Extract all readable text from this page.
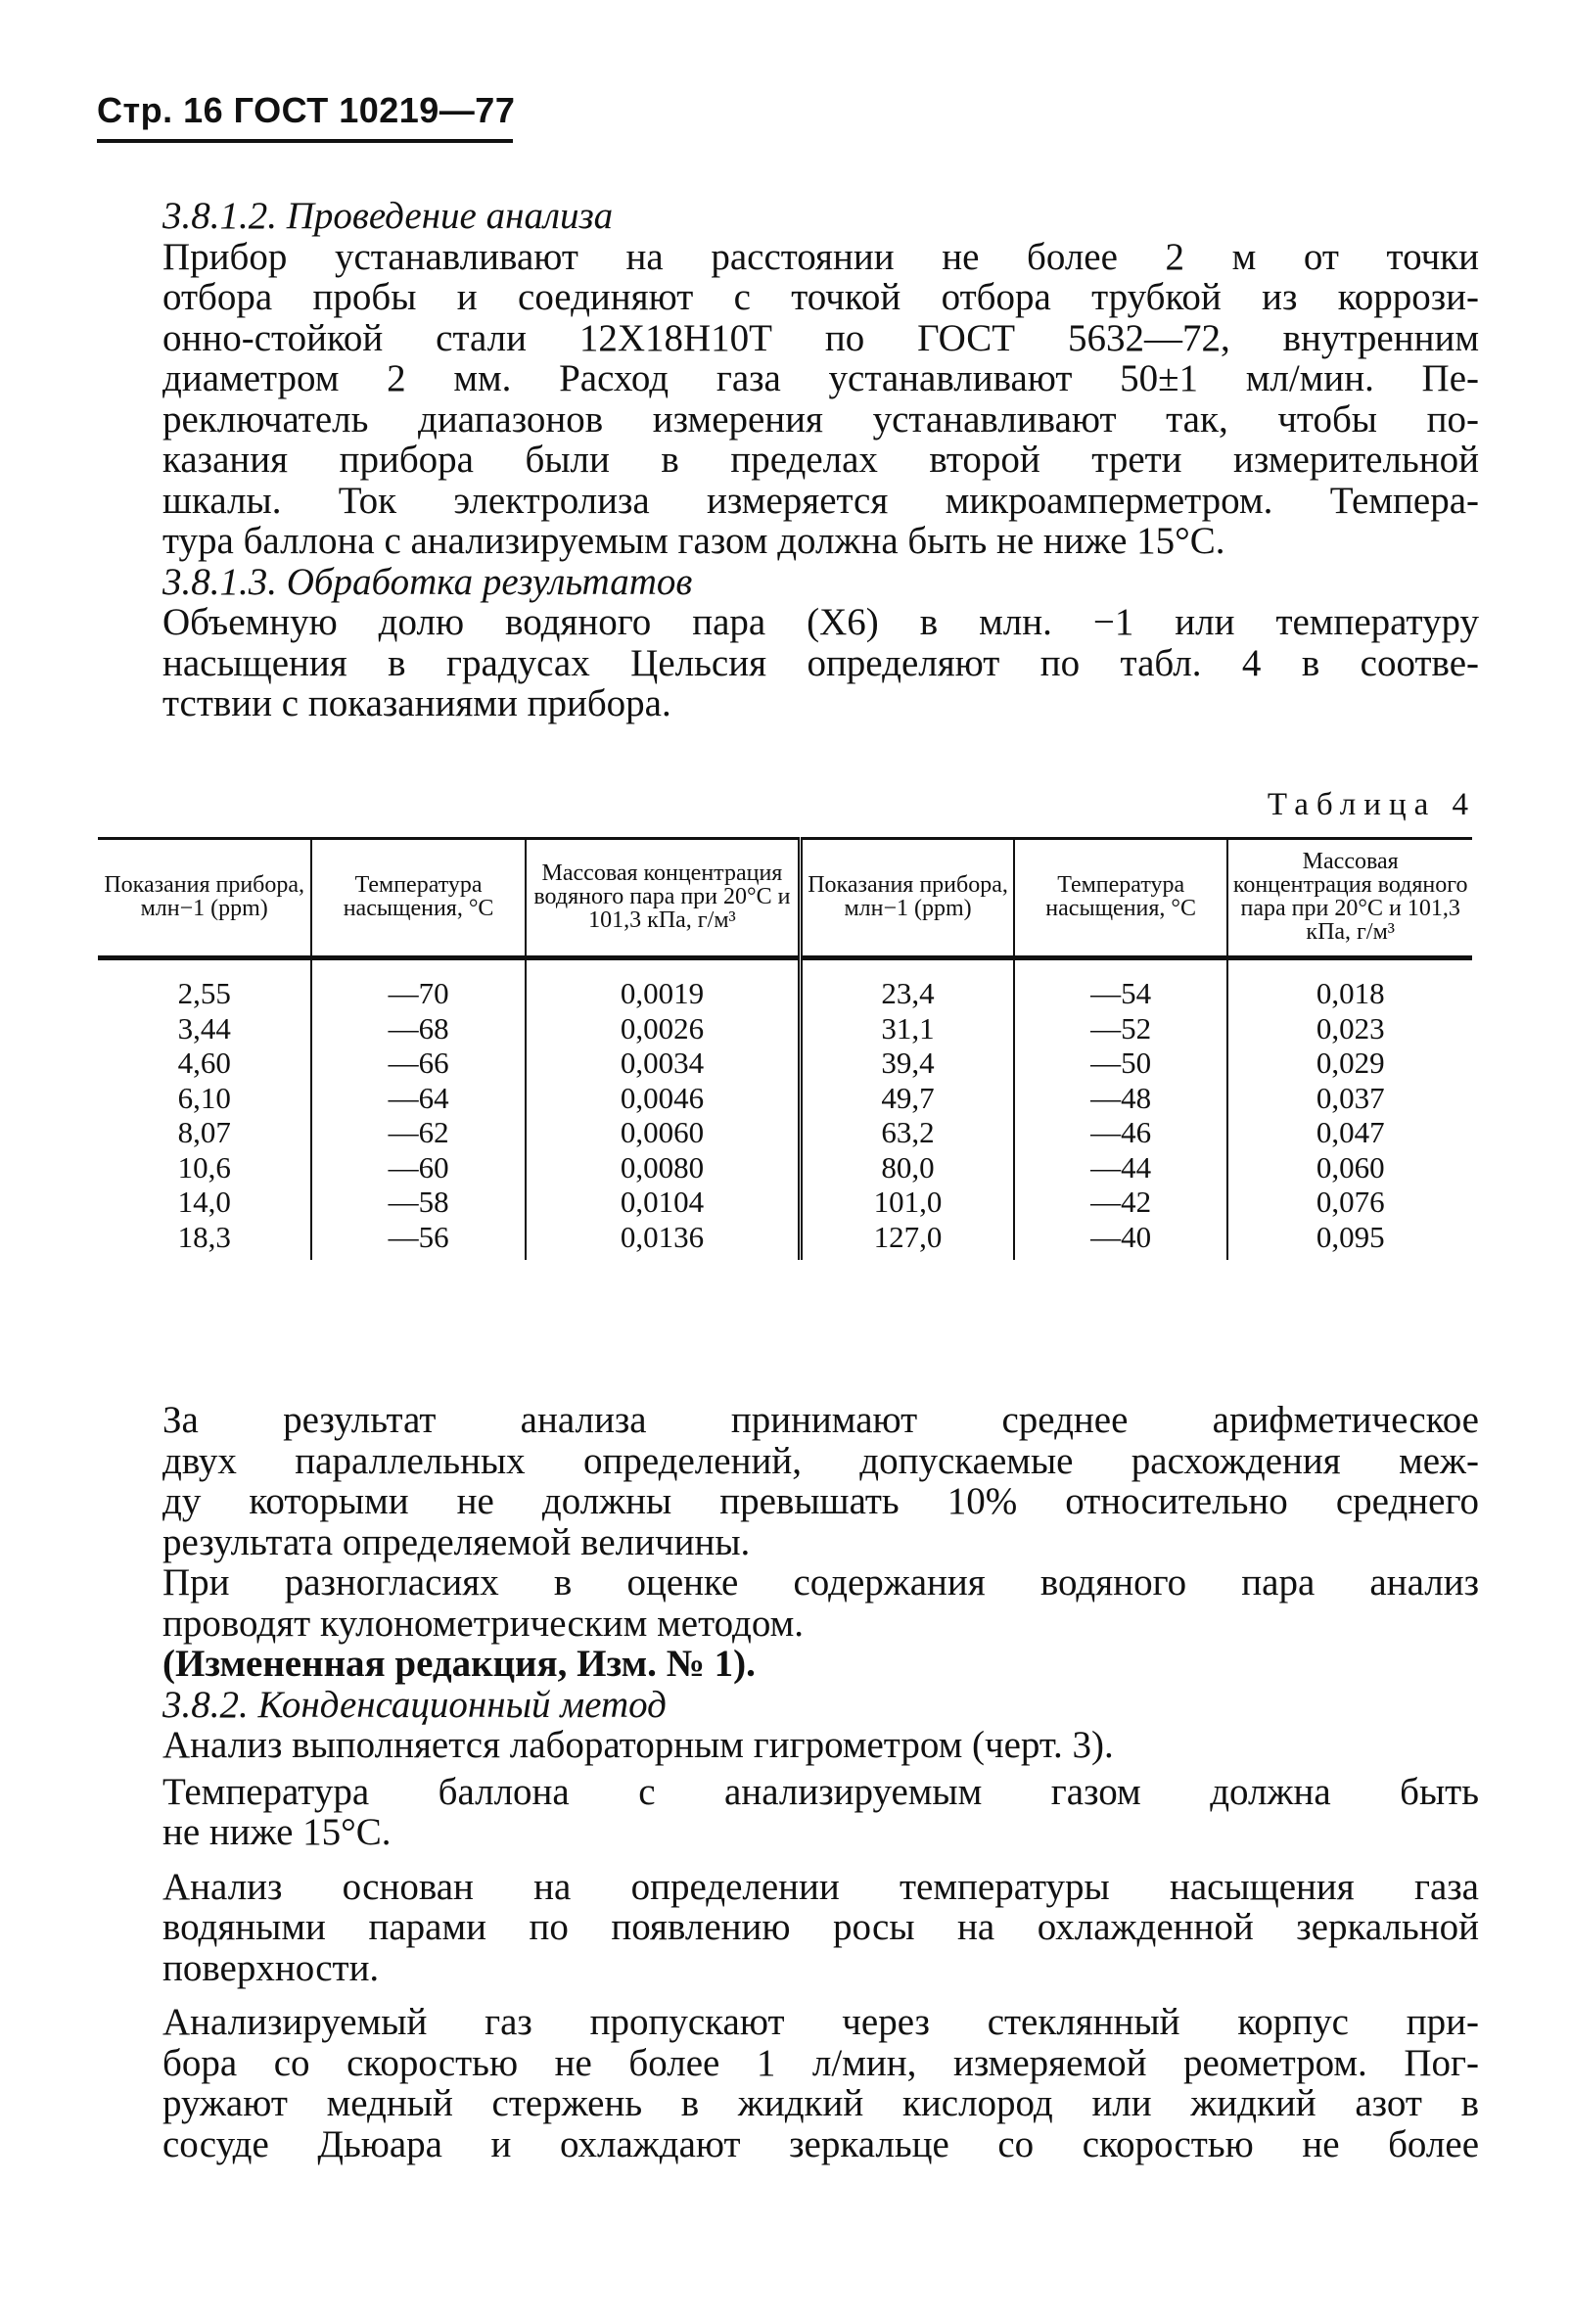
Стр. 16 ГОСТ 10219—77
3.8.1.2. Проведение анализа
Прибор устанавливают на расстоянии не более 2 м от точки
отбора пробы и соединяют с точкой отбора трубкой из коррози-
онно-стойкой стали 12Х18Н10Т по ГОСТ 5632—72, внутренним
диаметром 2 мм. Расход газа устанавливают 50±1 мл/мин. Пе-
реключатель диапазонов измерения устанавливают так, чтобы по-
казания прибора были в пределах второй трети измерительной
шкалы. Ток электролиза измеряется микроамперметром. Темпера-
тура баллона с анализируемым газом должна быть не ниже 15°С.
3.8.1.3. Обработка результатов
Объемную долю водяного пара (X6) в млн. −1 или температуру
насыщения в градусах Цельсия определяют по табл. 4 в соотве-
тствии с показаниями прибора.
Таблица 4
Показания прибора, млн−1 (ppm)	Температура насыщения, °С	Массовая концентрация водяного пара при 20°С и 101,3 кПа, г/м³	Показания прибора, млн−1 (ppm)	Температура насыщения, °С	Массовая концентрация водяного пара при 20°С и 101,3 кПа, г/м³
2,55	—70	0,0019	23,4	—54	0,018
3,44	—68	0,0026	31,1	—52	0,023
4,60	—66	0,0034	39,4	—50	0,029
6,10	—64	0,0046	49,7	—48	0,037
8,07	—62	0,0060	63,2	—46	0,047
10,6	—60	0,0080	80,0	—44	0,060
14,0	—58	0,0104	101,0	—42	0,076
18,3	—56	0,0136	127,0	—40	0,095
За результат анализа принимают среднее арифметическое
двух параллельных определений, допускаемые расхождения меж-
ду которыми не должны превышать 10% относительно среднего
результата определяемой величины.
При разногласиях в оценке содержания водяного пара анализ
проводят кулонометрическим методом.
(Измененная редакция, Изм. № 1).
3.8.2. Конденсационный метод
Анализ выполняется лабораторным гигрометром (черт. 3).
Температура баллона с анализируемым газом должна быть
не ниже 15°С.
Анализ основан на определении температуры насыщения газа
водяными парами по появлению росы на охлажденной зеркальной
поверхности.
Анализируемый газ пропускают через стеклянный корпус при-
бора со скоростью не более 1 л/мин, измеряемой реометром. Пог-
ружают медный стержень в жидкий кислород или жидкий азот в
сосуде Дьюара и охлаждают зеркальце со скоростью не более
